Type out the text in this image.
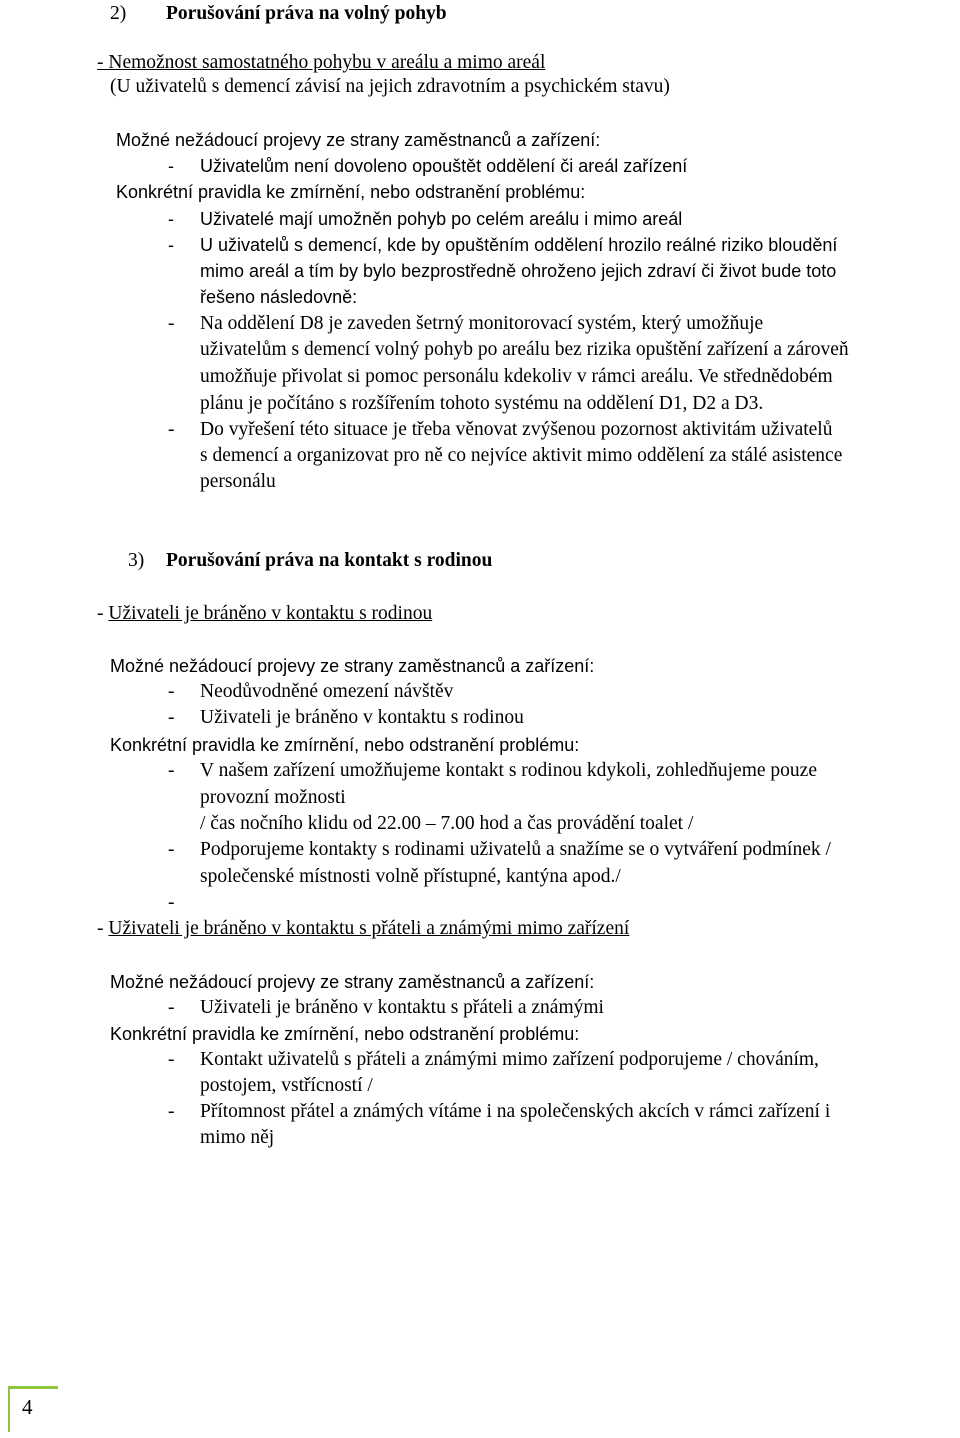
2) Porušování práva na volný pohyb
- Nemožnost samostatného pohybu v areálu a mimo areál
(U uživatelů s demencí závisí na jejich zdravotním a psychickém stavu)
Možné nežádoucí projevy ze strany zaměstnanců a zařízení:
- Uživatelům není dovoleno opouštět oddělení či areál zařízení
Konkrétní pravidla ke zmírnění, nebo odstranění problému:
- Uživatelé mají umožněn pohyb po celém areálu i mimo areál
- U uživatelů s demencí, kde by opuštěním oddělení hrozilo reálné riziko bloudění
mimo areál a tím by bylo bezprostředně ohroženo jejich zdraví či život bude toto
řešeno následovně:
- Na oddělení D8 je zaveden šetrný monitorovací systém, který umožňuje
uživatelům s demencí volný pohyb po areálu bez rizika opuštění zařízení a zároveň
umožňuje přivolat si pomoc personálu kdekoliv v rámci areálu. Ve střednědobém
plánu je počítáno s rozšířením tohoto systému na oddělení D1, D2 a D3.
- Do vyřešení této situace je třeba věnovat zvýšenou pozornost aktivitám uživatelů
s demencí a organizovat pro ně co nejvíce aktivit mimo oddělení za stálé asistence
personálu
3) Porušování práva na kontakt s rodinou
- Uživateli je bráněno v kontaktu s rodinou
Možné nežádoucí projevy ze strany zaměstnanců a zařízení:
- Neodůvodněné omezení návštěv
- Uživateli je bráněno v kontaktu s rodinou
Konkrétní pravidla ke zmírnění, nebo odstranění problému:
- V našem zařízení umožňujeme kontakt s rodinou kdykoli, zohledňujeme pouze
provozní možnosti
/ čas nočního klidu od 22.00 – 7.00 hod a čas provádění toalet /
- Podporujeme kontakty s rodinami uživatelů a snažíme se o vytváření podmínek /
společenské místnosti volně přístupné, kantýna apod./
-
- Uživateli je bráněno v kontaktu s přáteli a známými mimo zařízení
Možné nežádoucí projevy ze strany zaměstnanců a zařízení:
- Uživateli je bráněno v kontaktu s přáteli a známými
Konkrétní pravidla ke zmírnění, nebo odstranění problému:
- Kontakt uživatelů s přáteli a známými mimo zařízení podporujeme / chováním,
postojem, vstřícností /
- Přítomnost přátel a známých vítáme i na společenských akcích v rámci zařízení i
mimo něj
4
